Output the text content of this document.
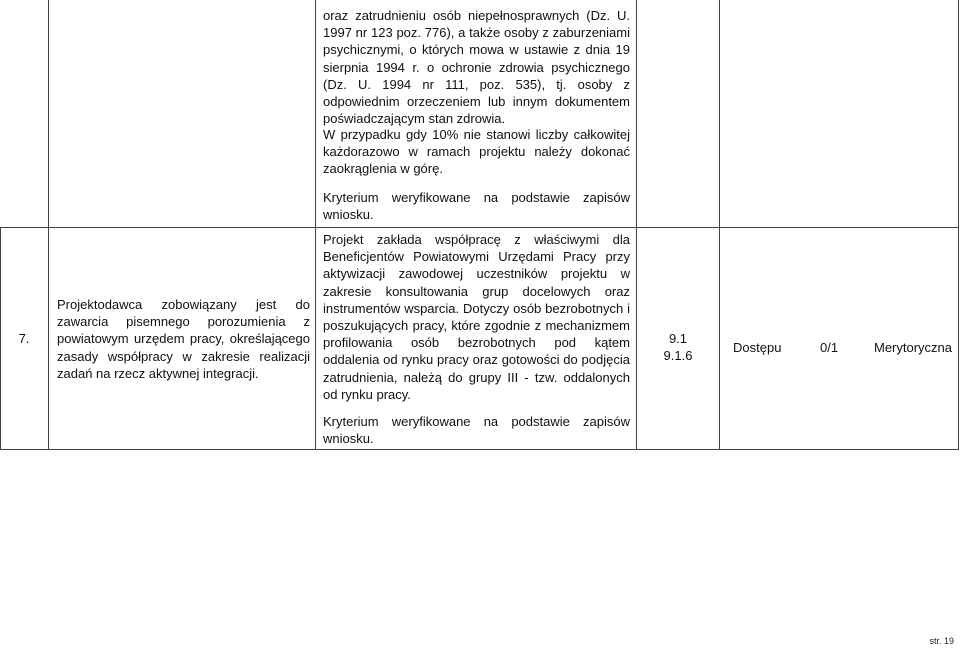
oraz zatrudnieniu osób niepełnosprawnych (Dz. U. 1997 nr 123 poz. 776), a także osoby z zaburzeniami psychicznymi, o których mowa w ustawie z dnia 19 sierpnia 1994 r. o ochronie zdrowia psychicznego (Dz. U. 1994 nr 111, poz. 535), tj. osoby z odpowiednim orzeczeniem lub innym dokumentem poświadczającym stan zdrowia.
W przypadku gdy 10% nie stanowi liczby całkowitej każdorazowo w ramach projektu należy dokonać zaokrąglenia w górę.
Kryterium weryfikowane na podstawie zapisów wniosku.
7.
Projektodawca zobowiązany jest do zawarcia pisemnego porozumienia z powiatowym urzędem pracy, określającego zasady współpracy w zakresie realizacji zadań na rzecz aktywnej integracji.
Projekt zakłada współpracę z właściwymi dla Beneficjentów Powiatowymi Urzędami Pracy przy aktywizacji zawodowej uczestników projektu w zakresie konsultowania grup docelowych oraz instrumentów wsparcia. Dotyczy osób bezrobotnych i poszukujących pracy, które zgodnie z mechanizmem profilowania osób bezrobotnych pod kątem oddalenia od rynku pracy oraz gotowości do podjęcia zatrudnienia, należą do grupy III - tzw. oddalonych od rynku pracy.
Kryterium weryfikowane na podstawie zapisów wniosku.
9.1
9.1.6
Dostępu	0/1	Merytoryczna
str. 19
